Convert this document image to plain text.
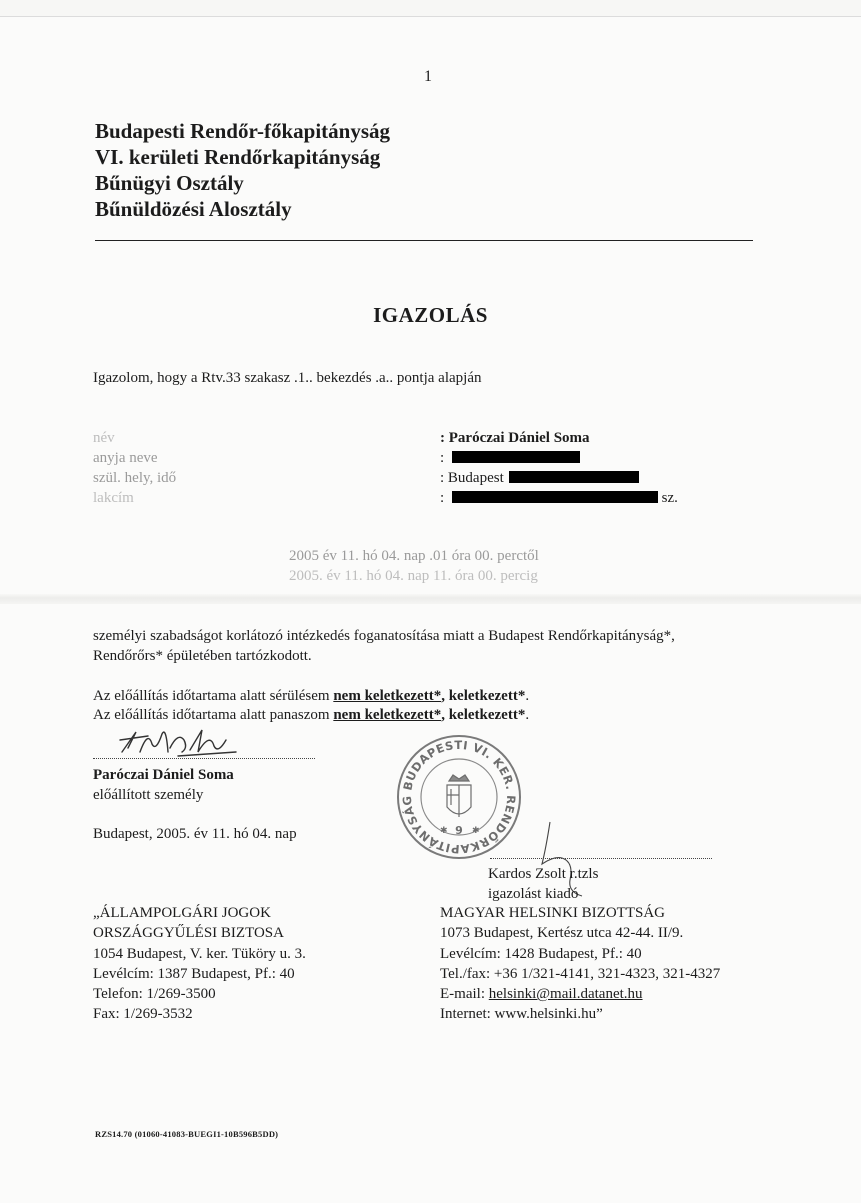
1
Budapesti Rendőr-főkapitányság
VI. kerületi Rendőrkapitányság
Bűnügyi Osztály
Bűnüldözési Alosztály
IGAZOLÁS
Igazolom, hogy a Rtv.33 szakasz .1.. bekezdés .a.. pontja alapján
név	: Paróczai Dániel Soma
anyja neve	:
szül. hely, idő	: Budapest
lakcím	:	sz.
2005 év 11. hó 04. nap .01 óra 00. perctől
2005. év 11. hó 04. nap 11. óra 00. percig
személyi szabadságot korlátozó intézkedés foganatosítása miatt a Budapest Rendőrkapitányság*,
Rendőrőrs* épületében tartózkodott.
Az előállítás időtartama alatt sérülésem nem keletkezett*, keletkezett*.
Az előállítás időtartama alatt panaszom nem keletkezett*, keletkezett*.
Paróczai Dániel Soma
előállított személy
Budapest, 2005. év 11. hó 04. nap
BUDAPESTI VI. KER. RENDŐRKAPITÁNYSÁG
9
✱	✱
Kardos Zsolt r.tzls
igazolást kiadó
„ÁLLAMPOLGÁRI JOGOK
ORSZÁGGYŰLÉSI BIZTOSA
1054 Budapest, V. ker. Tüköry u. 3.
Levélcím: 1387 Budapest, Pf.: 40
Telefon: 1/269-3500
Fax: 1/269-3532
MAGYAR HELSINKI BIZOTTSÁG
1073 Budapest, Kertész utca 42-44. II/9.
Levélcím: 1428 Budapest, Pf.: 40
Tel./fax: +36 1/321-4141, 321-4323, 321-4327
E-mail: helsinki@mail.datanet.hu
Internet: www.helsinki.hu”
RZS14.70 (01060-41083-BUEGI1-10B596B5DD)
